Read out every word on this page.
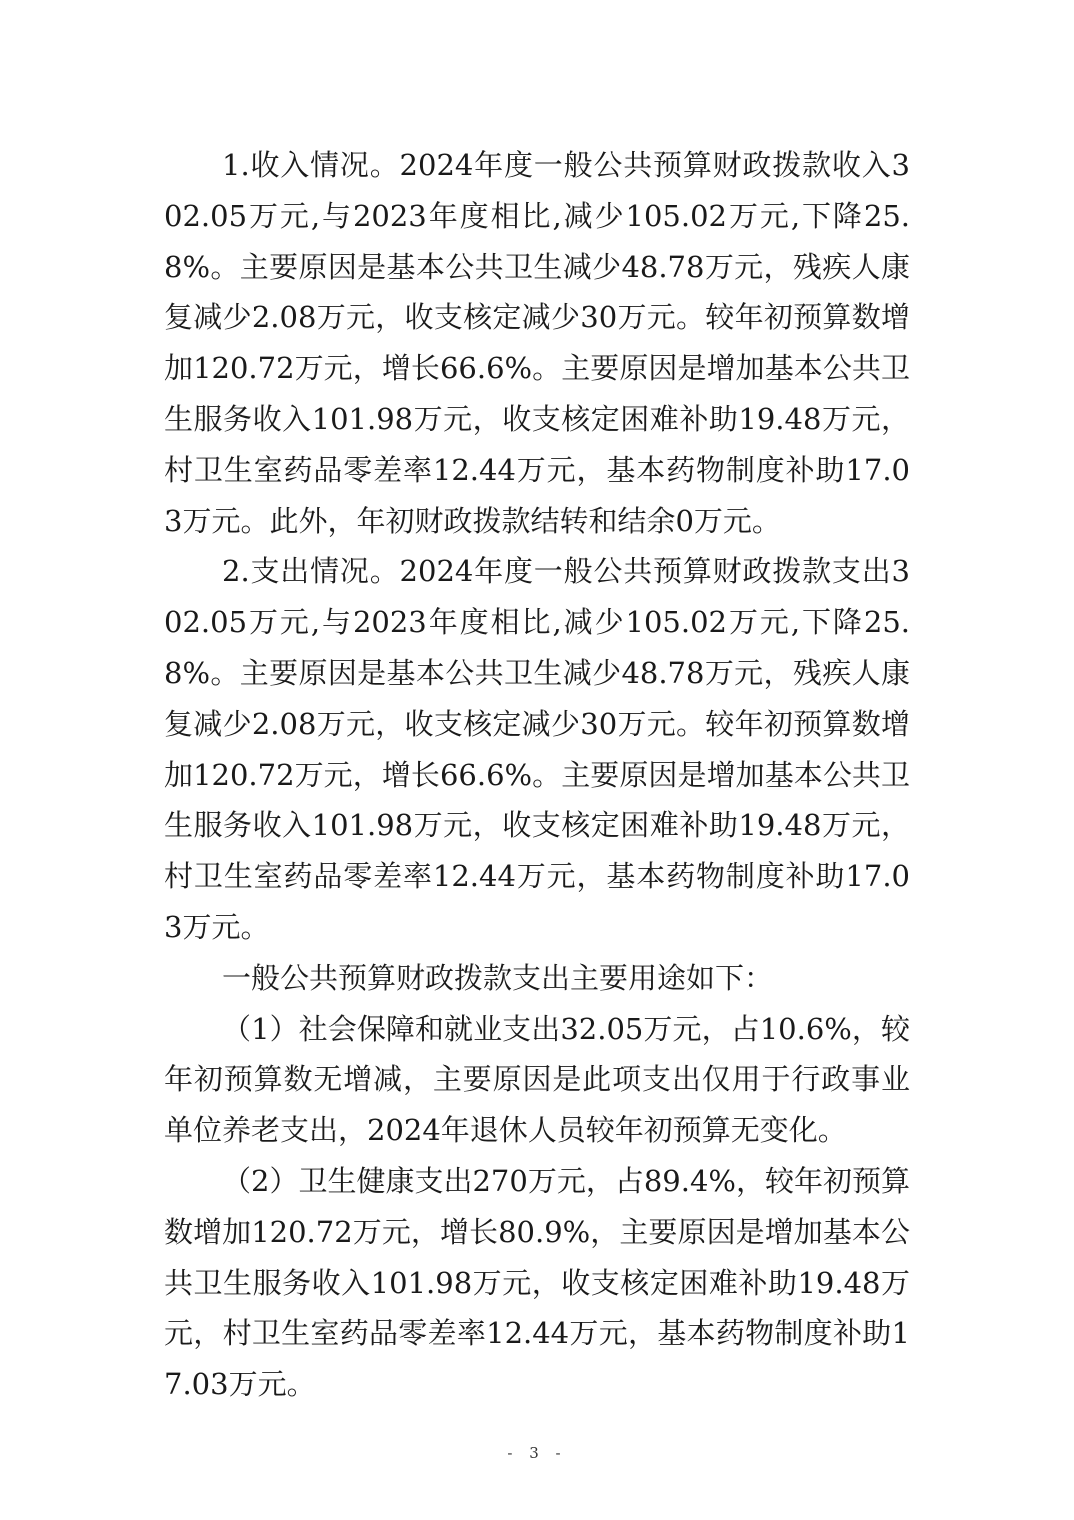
1.收入情况。2024年度一般公共预算财政拨款收入302.05万元,与2023年度相比,减少105.02万元,下降25.8%。主要原因是基本公共卫生减少48.78万元，残疾人康复减少2.08万元，收支核定减少30万元。较年初预算数增加120.72万元，增长66.6%。主要原因是增加基本公共卫生服务收入101.98万元，收支核定困难补助19.48万元，村卫生室药品零差率12.44万元，基本药物制度补助17.03万元。此外，年初财政拨款结转和结余0万元。

2.支出情况。2024年度一般公共预算财政拨款支出302.05万元,与2023年度相比,减少105.02万元,下降25.8%。主要原因是基本公共卫生减少48.78万元，残疾人康复减少2.08万元，收支核定减少30万元。较年初预算数增加120.72万元，增长66.6%。主要原因是增加基本公共卫生服务收入101.98万元，收支核定困难补助19.48万元，村卫生室药品零差率12.44万元，基本药物制度补助17.03万元。

一般公共预算财政拨款支出主要用途如下：

（1）社会保障和就业支出32.05万元，占10.6%，较年初预算数无增减，主要原因是此项支出仅用于行政事业单位养老支出，2024年退休人员较年初预算无变化。

（2）卫生健康支出270万元，占89.4%，较年初预算数增加120.72万元，增长80.9%，主要原因是增加基本公共卫生服务收入101.98万元，收支核定困难补助19.48万元，村卫生室药品零差率12.44万元，基本药物制度补助17.03万元。

- 3 -
